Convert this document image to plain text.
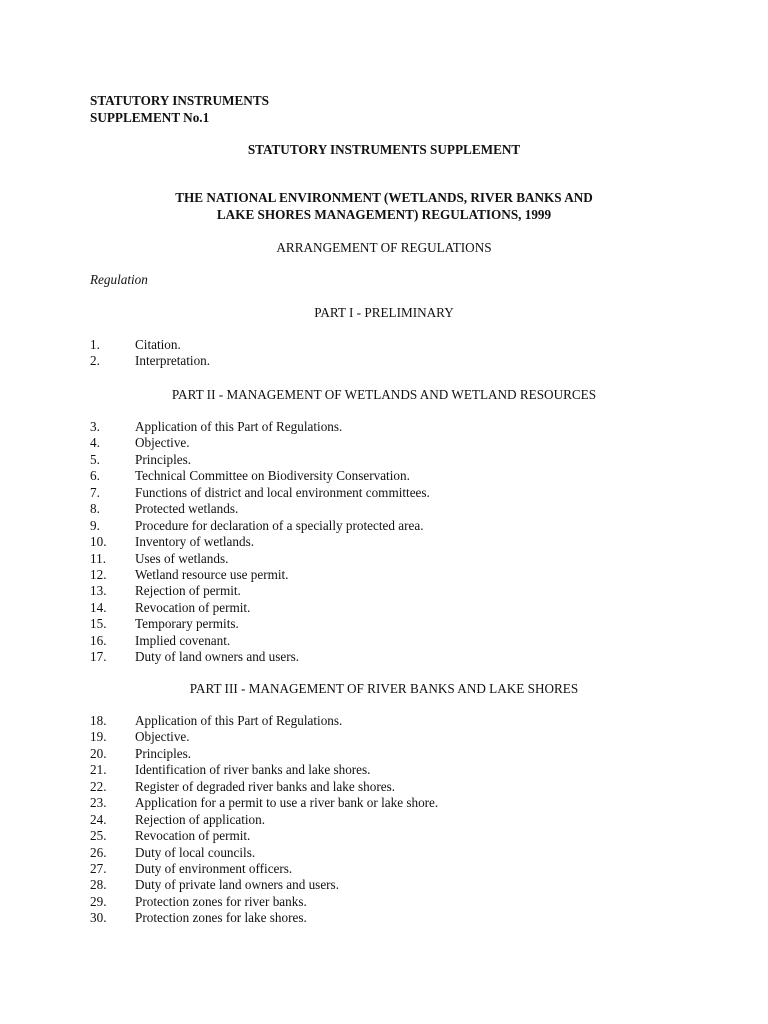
STATUTORY INSTRUMENTS
SUPPLEMENT No.1
STATUTORY INSTRUMENTS SUPPLEMENT
THE NATIONAL ENVIRONMENT (WETLANDS, RIVER BANKS AND
LAKE SHORES MANAGEMENT) REGULATIONS, 1999
ARRANGEMENT OF REGULATIONS
Regulation
PART I - PRELIMINARY
1.	Citation.
2.	Interpretation.
PART II - MANAGEMENT OF WETLANDS AND WETLAND RESOURCES
3.	Application of this Part of Regulations.
4.	Objective.
5.	Principles.
6.	Technical Committee on Biodiversity Conservation.
7.	Functions of district and local environment committees.
8.	Protected wetlands.
9.	Procedure for declaration of a specially protected area.
10. Inventory of wetlands.
11. Uses of wetlands.
12. Wetland resource use permit.
13. Rejection of permit.
14. Revocation of permit.
15. Temporary permits.
16. Implied covenant.
17. Duty of land owners and users.
PART III - MANAGEMENT OF RIVER BANKS AND LAKE SHORES
18. Application of this Part of Regulations.
19. Objective.
20. Principles.
21. Identification of river banks and lake shores.
22. Register of degraded river banks and lake shores.
23. Application for a permit to use a river bank or lake shore.
24. Rejection of application.
25. Revocation of permit.
26. Duty of local councils.
27. Duty of environment officers.
28. Duty of private land owners and users.
29. Protection zones for river banks.
30. Protection zones for lake shores.
